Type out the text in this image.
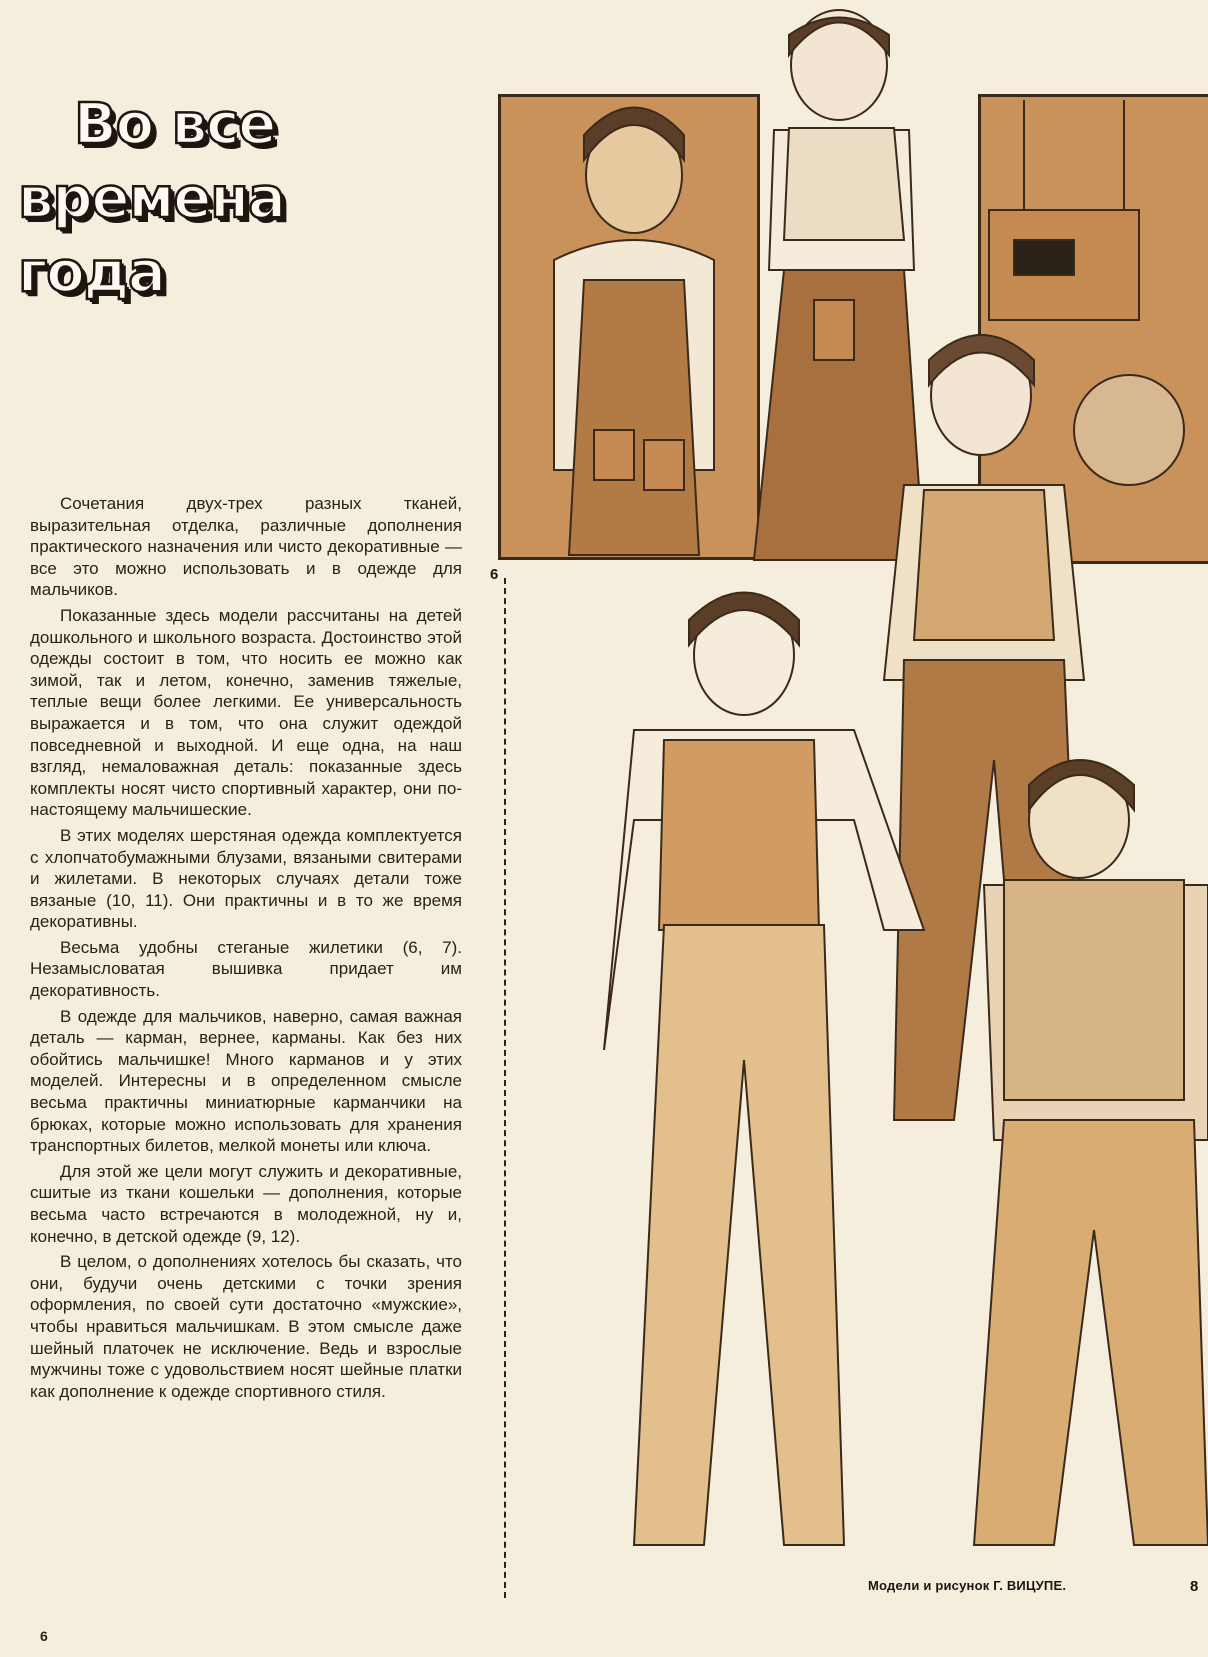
Во все
времена года

Сочетания двух-трех разных тканей, выразительная отделка, различные дополнения практического назначения или чисто декоративные — все это можно использовать и в одежде для мальчиков.

Показанные здесь модели рассчитаны на детей дошкольного и школьного возраста. Достоинство этой одежды состоит в том, что носить ее можно как зимой, так и летом, конечно, заменив тяжелые, теплые вещи более легкими. Ее универсальность выражается и в том, что она служит одеждой повседневной и выходной. И еще одна, на наш взгляд, немаловажная деталь: показанные здесь комплекты носят чисто спортивный характер, они по-настоящему мальчишеские.

В этих моделях шерстяная одежда комплектуется с хлопчатобумажными блузами, вязаными свитерами и жилетами. В некоторых случаях детали тоже вязаные (10, 11). Они практичны и в то же время декоративны.

Весьма удобны стеганые жилетики (6, 7). Незамысловатая вышивка придает им декоративность.

В одежде для мальчиков, наверно, самая важная деталь — карман, вернее, карманы. Как без них обойтись мальчишке! Много карманов и у этих моделей. Интересны и в определенном смысле весьма практичны миниатюрные карманчики на брюках, которые можно использовать для хранения транспортных билетов, мелкой монеты или ключа.

Для этой же цели могут служить и декоративные, сшитые из ткани кошельки — дополнения, которые весьма часто встречаются в молодежной, ну и, конечно, в детской одежде (9, 12).

В целом, о дополнениях хотелось бы сказать, что они, будучи очень детскими с точки зрения оформления, по своей сути достаточно «мужские», чтобы нравиться мальчишкам. В этом смысле даже шейный платочек не исключение. Ведь и взрослые мужчины тоже с удовольствием носят шейные платки как дополнение к одежде спортивного стиля.

6
6
Модели и рисунок Г. ВИЦУПЕ.	8
